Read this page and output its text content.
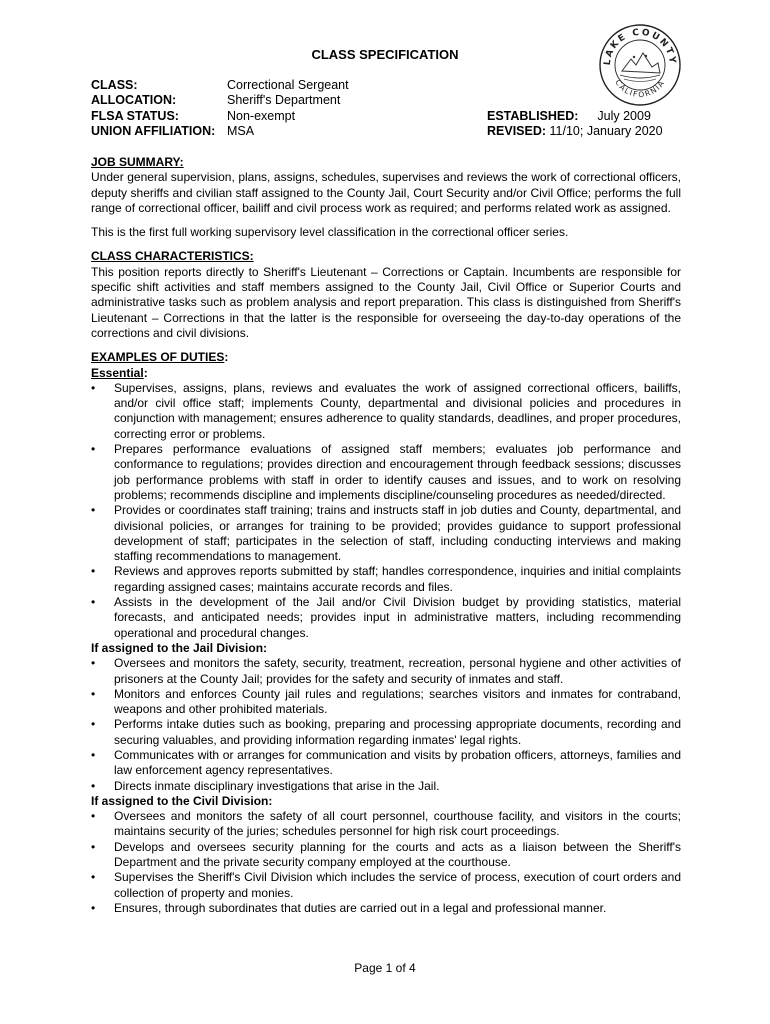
CLASS SPECIFICATION	LAKE COUNTY
CALIFORNIA
CLASS:
ALLOCATION:
FLSA STATUS:
UNION AFFILIATION:
Correctional Sergeant
Sheriff's Department
Non-exempt
MSA
ESTABLISHED: July 2009
REVISED: 11/10; January 2020
JOB SUMMARY:

Under general supervision, plans, assigns, schedules, supervises and reviews the work of correctional officers, deputy sheriffs and civilian staff assigned to the County Jail, Court Security and/or Civil Office; performs the full range of correctional officer, bailiff and civil process work as required; and performs related work as assigned.

This is the first full working supervisory level classification in the correctional officer series.

CLASS CHARACTERISTICS:

This position reports directly to Sheriff's Lieutenant – Corrections or Captain. Incumbents are responsible for specific shift activities and staff members assigned to the County Jail, Civil Office or Superior Courts and administrative tasks such as problem analysis and report preparation. This class is distinguished from Sheriff's Lieutenant – Corrections in that the latter is the responsible for overseeing the day-to-day operations of the corrections and civil divisions.

EXAMPLES OF DUTIES:
Essential:
• Supervises, assigns, plans, reviews and evaluates the work of assigned correctional officers, bailiffs, and/or civil office staff; implements County, departmental and divisional policies and procedures in conjunction with management; ensures adherence to quality standards, deadlines, and proper procedures, correcting error or problems.
• Prepares performance evaluations of assigned staff members; evaluates job performance and conformance to regulations; provides direction and encouragement through feedback sessions; discusses job performance problems with staff in order to identify causes and issues, and to work on resolving problems; recommends discipline and implements discipline/counseling procedures as needed/directed.
• Provides or coordinates staff training; trains and instructs staff in job duties and County, departmental, and divisional policies, or arranges for training to be provided; provides guidance to support professional development of staff; participates in the selection of staff, including conducting interviews and making staffing recommendations to management.
• Reviews and approves reports submitted by staff; handles correspondence, inquiries and initial complaints regarding assigned cases; maintains accurate records and files.
• Assists in the development of the Jail and/or Civil Division budget by providing statistics, material forecasts, and anticipated needs; provides input in administrative matters, including recommending operational and procedural changes.
If assigned to the Jail Division:
• Oversees and monitors the safety, security, treatment, recreation, personal hygiene and other activities of prisoners at the County Jail; provides for the safety and security of inmates and staff.
• Monitors and enforces County jail rules and regulations; searches visitors and inmates for contraband, weapons and other prohibited materials.
• Performs intake duties such as booking, preparing and processing appropriate documents, recording and securing valuables, and providing information regarding inmates' legal rights.
• Communicates with or arranges for communication and visits by probation officers, attorneys, families and law enforcement agency representatives.
• Directs inmate disciplinary investigations that arise in the Jail.
If assigned to the Civil Division:
• Oversees and monitors the safety of all court personnel, courthouse facility, and visitors in the courts; maintains security of the juries; schedules personnel for high risk court proceedings.
• Develops and oversees security planning for the courts and acts as a liaison between the Sheriff's Department and the private security company employed at the courthouse.
• Supervises the Sheriff's Civil Division which includes the service of process, execution of court orders and collection of property and monies.
• Ensures, through subordinates that duties are carried out in a legal and professional manner.
Page 1 of 4
